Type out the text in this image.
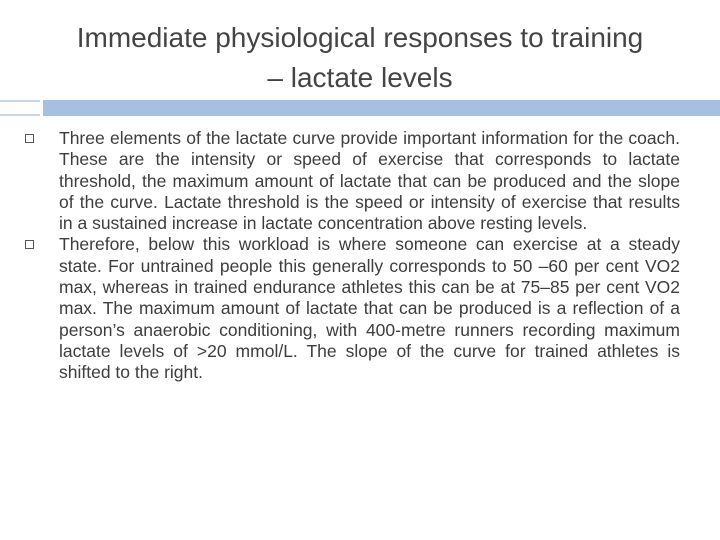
Immediate physiological responses to training
– lactate levels
Three elements of the lactate curve provide important information for the coach. These are the intensity or speed of exercise that corresponds to lactate threshold, the maximum amount of lactate that can be produced and the slope of the curve. Lactate threshold is the speed or intensity of exercise that results in a sustained increase in lactate concentration above resting levels.
Therefore, below this workload is where someone can exercise at a steady state. For untrained people this generally corresponds to 50 –60 per cent VO2 max, whereas in trained endurance athletes this can be at 75–85 per cent VO2 max. The maximum amount of lactate that can be produced is a reflection of a person’s anaerobic conditioning, with 400-metre runners recording maximum lactate levels of >20 mmol/L. The slope of the curve for trained athletes is shifted to the right.
